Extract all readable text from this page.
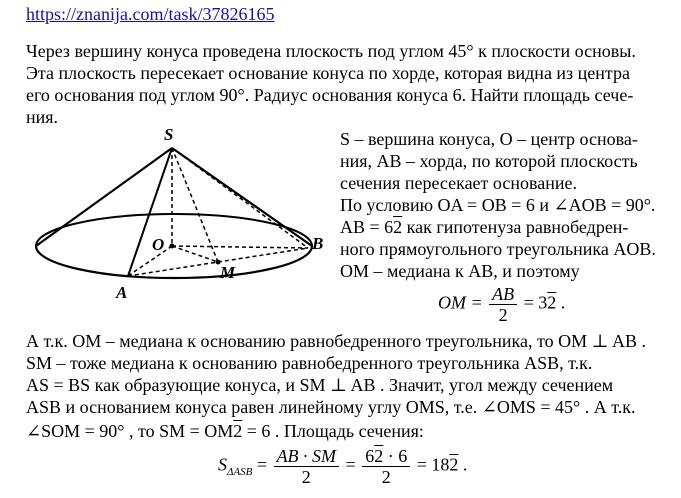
https://znanija.com/task/37826165
Через вершину конуса проведена плоскость под углом 45° к плоскости основы.
Эта плоскость пересекает основание конуса по хорде, которая видна из центра
его основания под углом 90°. Радиус основания конуса 6. Найти площадь сече-
ния.
S
O	B
M
A
S – вершина конуса, O – центр основа-
ния, AB – хорда, по которой плоскость
сечения пересекает основание.
По условию OA = OB = 6 и ∠AOB = 90°.
AB = 62 как гипотенуза равнобедрен-
ного прямоугольного треугольника AOB.
OM – медиана к AB, и поэтому
OM = $\frac{AB}{2} = 32$ .
А т.к. OM – медиана к основанию равнобедренного треугольника, то OM ⊥ AB .
SM – тоже медиана к основанию равнобедренного треугольника ASB, т.к.
AS = BS как образующие конуса, и SM ⊥ AB . Значит, угол между сечением
ASB и основанием конуса равен линейному углу OMS, т.е. ∠OMS = 45° . А т.к.
∠SOM = 90° , то SM = OM2 = 6 . Площадь сечения:
$S_{\Delta ASB} = \frac{AB \cdot SM}{2} = \frac{62 \cdot 6}{2} = 182$ .
